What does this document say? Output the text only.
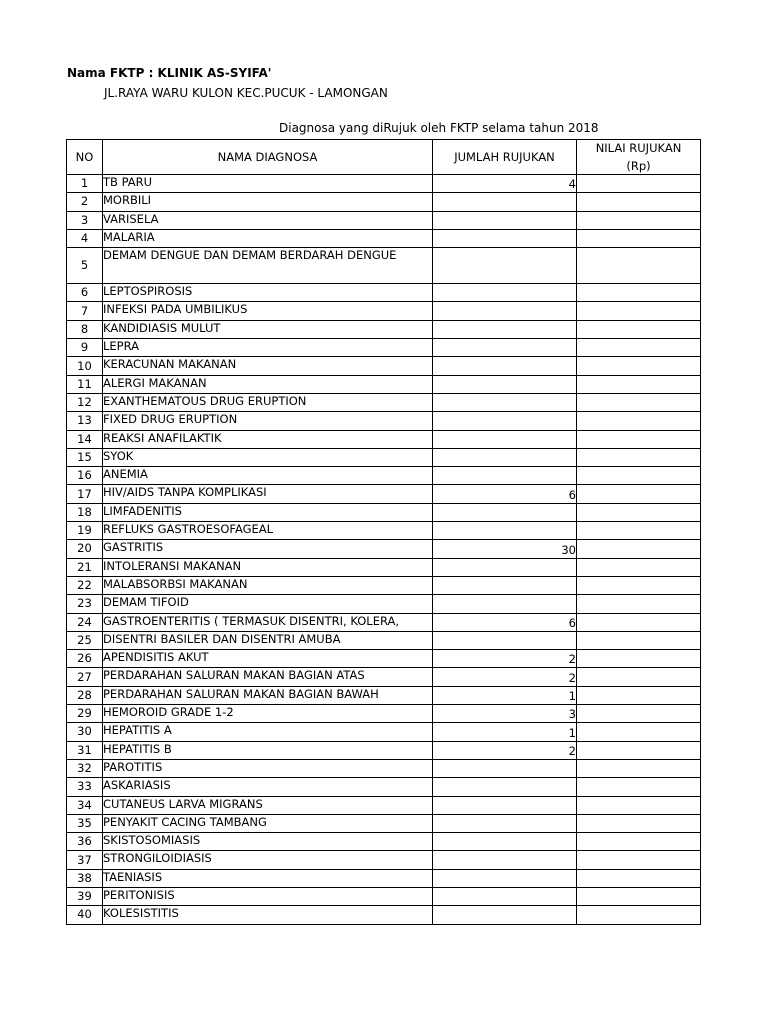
Nama FKTP : KLINIK AS-SYIFA'
JL.RAYA WARU KULON KEC.PUCUK - LAMONGAN
Diagnosa yang diRujuk oleh FKTP selama tahun 2018
NO	NAMA DIAGNOSA	JUMLAH RUJUKAN	NILAI RUJUKAN
(Rp)

1	TB PARU	4	
2	MORBILI		
3	VARISELA		
4	MALARIA		
5	DEMAM DENGUE DAN DEMAM BERDARAH DENGUE		
6	LEPTOSPIROSIS		
7	INFEKSI PADA UMBILIKUS		
8	KANDIDIASIS MULUT		
9	LEPRA		
10	KERACUNAN MAKANAN		
11	ALERGI MAKANAN		
12	EXANTHEMATOUS DRUG ERUPTION		
13	FIXED DRUG ERUPTION		
14	REAKSI ANAFILAKTIK		
15	SYOK		
16	ANEMIA		
17	HIV/AIDS TANPA KOMPLIKASI	6	
18	LIMFADENITIS		
19	REFLUKS GASTROESOFAGEAL		
20	GASTRITIS	30	
21	INTOLERANSI MAKANAN		
22	MALABSORBSI MAKANAN		
23	DEMAM TIFOID		
24	GASTROENTERITIS ( TERMASUK DISENTRI, KOLERA,	6	
25	DISENTRI BASILER DAN DISENTRI AMUBA		
26	APENDISITIS AKUT	2	
27	PERDARAHAN SALURAN MAKAN BAGIAN ATAS	2	
28	PERDARAHAN SALURAN MAKAN BAGIAN BAWAH	1	
29	HEMOROID GRADE 1-2	3	
30	HEPATITIS A	1	
31	HEPATITIS B	2	
32	PAROTITIS		
33	ASKARIASIS		
34	CUTANEUS LARVA MIGRANS		
35	PENYAKIT CACING TAMBANG		
36	SKISTOSOMIASIS		
37	STRONGILOIDIASIS		
38	TAENIASIS		
39	PERITONISIS		
40	KOLESISTITIS		
